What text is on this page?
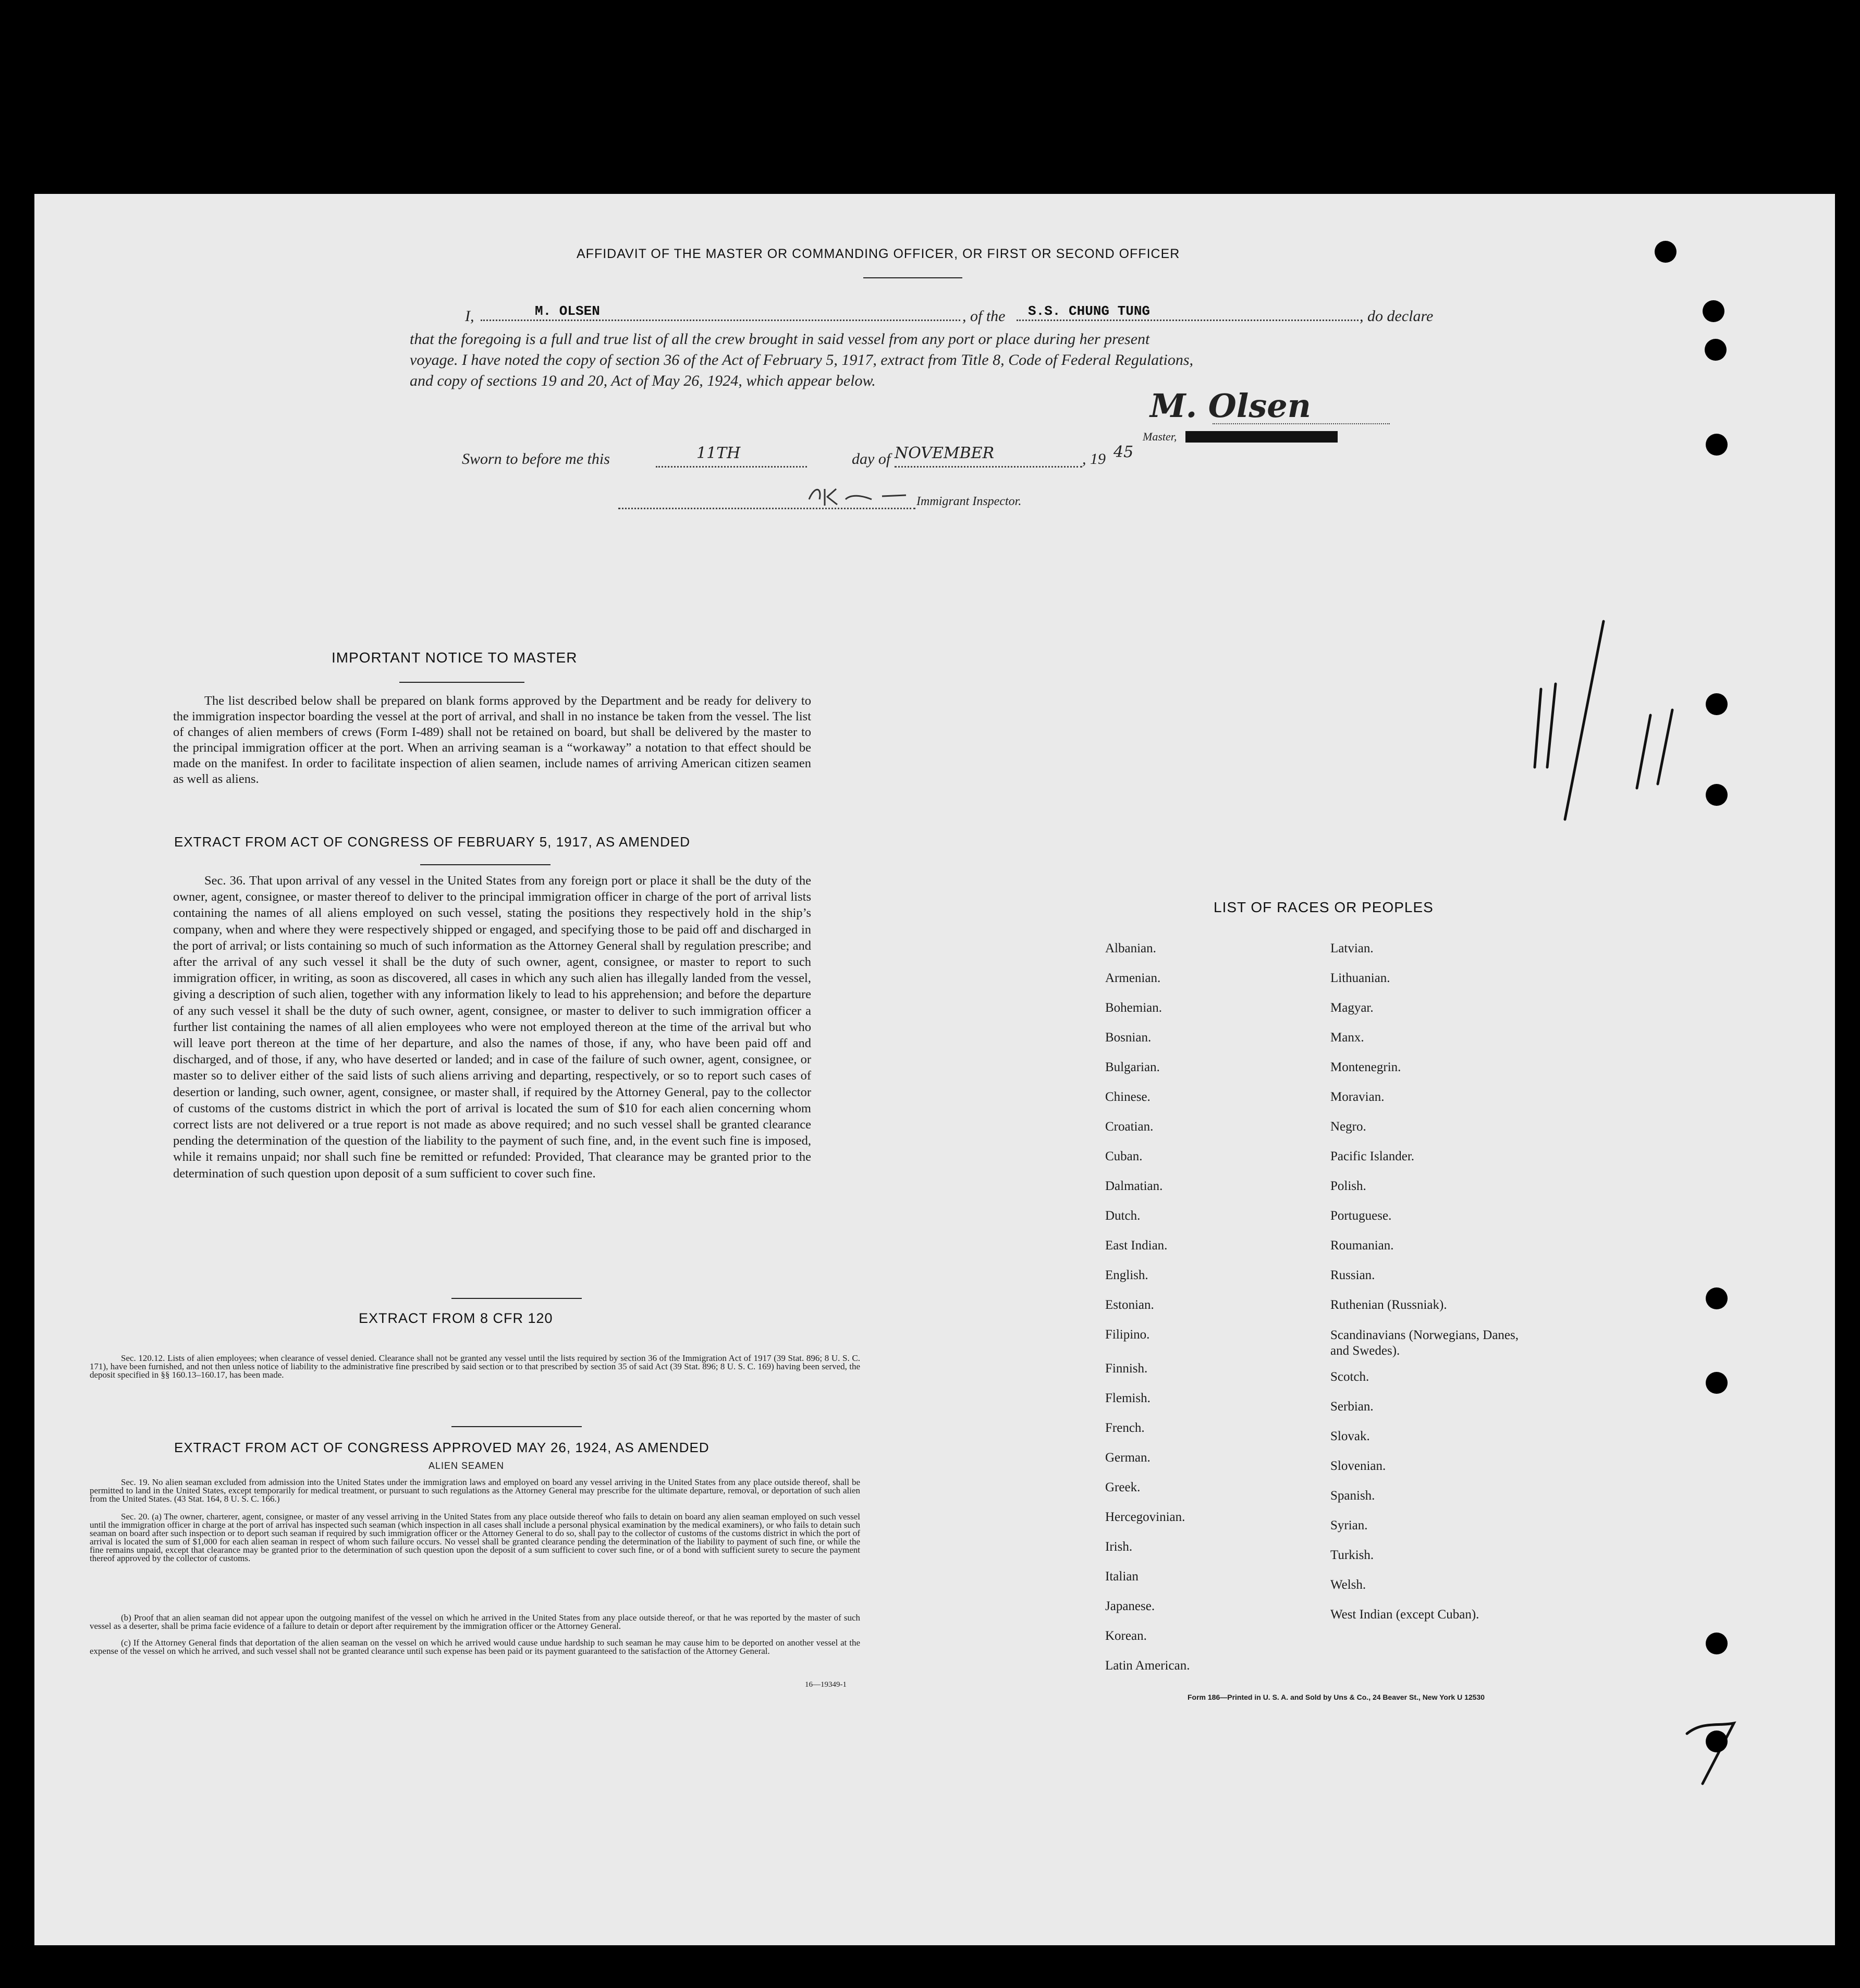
AFFIDAVIT OF THE MASTER OR COMMANDING OFFICER, OR FIRST OR SECOND OFFICER
I,	M. OLSEN	, of the S.S. CHUNG TUNG	, do declare
that the foregoing is a full and true list of all the crew brought in said vessel from any port or place during her present
voyage. I have noted the copy of section 36 of the Act of February 5, 1917, extract from Title 8, Code of Federal Regulations,
and copy of sections 19 and 20, Act of May 26, 1924, which appear below.
M. Olsen
Master,
Sworn to before me this	11TH	day of NOVEMBER	, 19 45
Immigrant Inspector.
IMPORTANT NOTICE TO MASTER
The list described below shall be prepared on blank forms approved by the Department and be ready for delivery to the immigration inspector boarding the vessel at the port of arrival, and shall in no instance be taken from the vessel. The list of changes of alien members of crews (Form I-489) shall not be retained on board, but shall be delivered by the master to the principal immigration officer at the port. When an arriving seaman is a “workaway” a notation to that effect should be made on the manifest. In order to facilitate inspection of alien seamen, include names of arriving American citizen seamen as well as aliens.
EXTRACT FROM ACT OF CONGRESS OF FEBRUARY 5, 1917, AS AMENDED
Sec. 36. That upon arrival of any vessel in the United States from any foreign port or place it shall be the duty of the owner, agent, consignee, or master thereof to deliver to the principal immigration officer in charge of the port of arrival lists containing the names of all aliens employed on such vessel, stating the positions they respectively hold in the ship’s company, when and where they were respectively shipped or engaged, and specifying those to be paid off and discharged in the port of arrival; or lists containing so much of such information as the Attorney General shall by regulation prescribe; and after the arrival of any such vessel it shall be the duty of such owner, agent, consignee, or master to report to such immigration officer, in writing, as soon as discovered, all cases in which any such alien has illegally landed from the vessel, giving a description of such alien, together with any information likely to lead to his apprehension; and before the departure of any such vessel it shall be the duty of such owner, agent, consignee, or master to deliver to such immigration officer a further list containing the names of all alien employees who were not employed thereon at the time of the arrival but who will leave port thereon at the time of her departure, and also the names of those, if any, who have been paid off and discharged, and of those, if any, who have deserted or landed; and in case of the failure of such owner, agent, consignee, or master so to deliver either of the said lists of such aliens arriving and departing, respectively, or so to report such cases of desertion or landing, such owner, agent, consignee, or master shall, if required by the Attorney General, pay to the collector of customs of the customs district in which the port of arrival is located the sum of $10 for each alien concerning whom correct lists are not delivered or a true report is not made as above required; and no such vessel shall be granted clearance pending the determination of the question of the liability to the payment of such fine, and, in the event such fine is imposed, while it remains unpaid; nor shall such fine be remitted or refunded: Provided, That clearance may be granted prior to the determination of such question upon deposit of a sum sufficient to cover such fine.
EXTRACT FROM 8 CFR 120
Sec. 120.12. Lists of alien employees; when clearance of vessel denied. Clearance shall not be granted any vessel until the lists required by section 36 of the Immigration Act of 1917 (39 Stat. 896; 8 U. S. C. 171), have been furnished, and not then unless notice of liability to the administrative fine prescribed by said section or to that prescribed by section 35 of said Act (39 Stat. 896; 8 U. S. C. 169) having been served, the deposit specified in §§ 160.13–160.17, has been made.
EXTRACT FROM ACT OF CONGRESS APPROVED MAY 26, 1924, AS AMENDED
ALIEN SEAMEN
Sec. 19. No alien seaman excluded from admission into the United States under the immigration laws and employed on board any vessel arriving in the United States from any place outside thereof, shall be permitted to land in the United States, except temporarily for medical treatment, or pursuant to such regulations as the Attorney General may prescribe for the ultimate departure, removal, or deportation of such alien from the United States. (43 Stat. 164, 8 U. S. C. 166.)
Sec. 20. (a) The owner, charterer, agent, consignee, or master of any vessel arriving in the United States from any place outside thereof who fails to detain on board any alien seaman employed on such vessel until the immigration officer in charge at the port of arrival has inspected such seaman (which inspection in all cases shall include a personal physical examination by the medical examiners), or who fails to detain such seaman on board after such inspection or to deport such seaman if required by such immigration officer or the Attorney General to do so, shall pay to the collector of customs of the customs district in which the port of arrival is located the sum of $1,000 for each alien seaman in respect of whom such failure occurs. No vessel shall be granted clearance pending the determination of the liability to payment of such fine, or while the fine remains unpaid, except that clearance may be granted prior to the determination of such question upon the deposit of a sum sufficient to cover such fine, or of a bond with sufficient surety to secure the payment thereof approved by the collector of customs.
(b) Proof that an alien seaman did not appear upon the outgoing manifest of the vessel on which he arrived in the United States from any place outside thereof, or that he was reported by the master of such vessel as a deserter, shall be prima facie evidence of a failure to detain or deport after requirement by the immigration officer or the Attorney General.
(c) If the Attorney General finds that deportation of the alien seaman on the vessel on which he arrived would cause undue hardship to such seaman he may cause him to be deported on another vessel at the expense of the vessel on which he arrived, and such vessel shall not be granted clearance until such expense has been paid or its payment guaranteed to the satisfaction of the Attorney General.
16—19349-1
LIST OF RACES OR PEOPLES
Albanian.
Armenian.
Bohemian.
Bosnian.
Bulgarian.
Chinese.
Croatian.
Cuban.
Dalmatian.
Dutch.
East Indian.
English.
Estonian.
Filipino.
Finnish.
Flemish.
French.
German.
Greek.
Hercegovinian.
Irish.
Italian
Japanese.
Korean.
Latin American.
Latvian.
Lithuanian.
Magyar.
Manx.
Montenegrin.
Moravian.
Negro.
Pacific Islander.
Polish.
Portuguese.
Roumanian.
Russian.
Ruthenian (Russniak).
Scandinavians (Norwegians, Danes, and Swedes).
Scotch.
Serbian.
Slovak.
Slovenian.
Spanish.
Syrian.
Turkish.
Welsh.
West Indian (except Cuban).
Form 186—Printed in U. S. A. and Sold by Uns & Co., 24 Beaver St., New York U 12530
